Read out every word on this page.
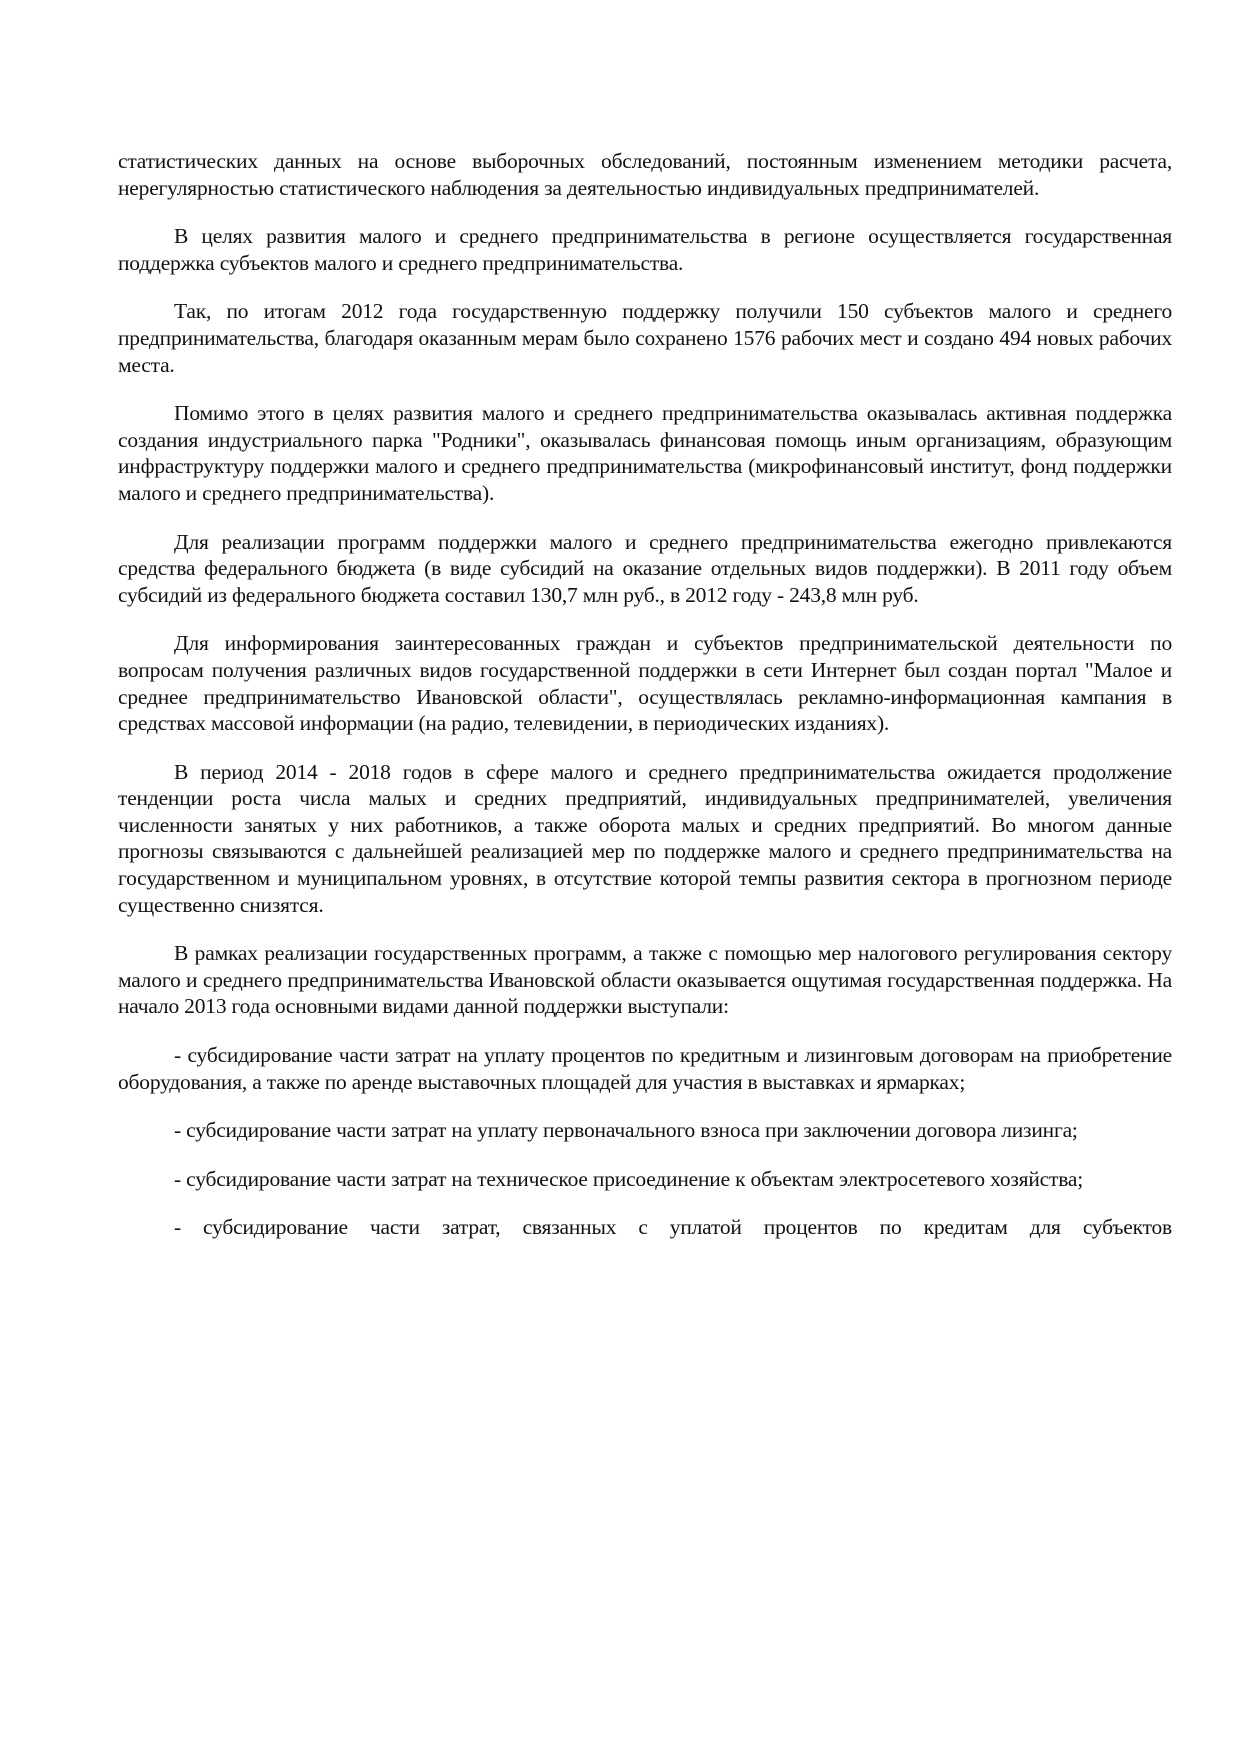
статистических данных на основе выборочных обследований, постоянным изменением методики расчета, нерегулярностью статистического наблюдения за деятельностью индивидуальных предпринимателей.

В целях развития малого и среднего предпринимательства в регионе осуществляется государственная поддержка субъектов малого и среднего предпринимательства.

Так, по итогам 2012 года государственную поддержку получили 150 субъектов малого и среднего предпринимательства, благодаря оказанным мерам было сохранено 1576 рабочих мест и создано 494 новых рабочих места.

Помимо этого в целях развития малого и среднего предпринимательства оказывалась активная поддержка создания индустриального парка "Родники", оказывалась финансовая помощь иным организациям, образующим инфраструктуру поддержки малого и среднего предпринимательства (микрофинансовый институт, фонд поддержки малого и среднего предпринимательства).

Для реализации программ поддержки малого и среднего предпринимательства ежегодно привлекаются средства федерального бюджета (в виде субсидий на оказание отдельных видов поддержки). В 2011 году объем субсидий из федерального бюджета составил 130,7 млн руб., в 2012 году - 243,8 млн руб.

Для информирования заинтересованных граждан и субъектов предпринимательской деятельности по вопросам получения различных видов государственной поддержки в сети Интернет был создан портал "Малое и среднее предпринимательство Ивановской области", осуществлялась рекламно-информационная кампания в средствах массовой информации (на радио, телевидении, в периодических изданиях).

В период 2014 - 2018 годов в сфере малого и среднего предпринимательства ожидается продолжение тенденции роста числа малых и средних предприятий, индивидуальных предпринимателей, увеличения численности занятых у них работников, а также оборота малых и средних предприятий. Во многом данные прогнозы связываются с дальнейшей реализацией мер по поддержке малого и среднего предпринимательства на государственном и муниципальном уровнях, в отсутствие которой темпы развития сектора в прогнозном периоде существенно снизятся.

В рамках реализации государственных программ, а также с помощью мер налогового регулирования сектору малого и среднего предпринимательства Ивановской области оказывается ощутимая государственная поддержка. На начало 2013 года основными видами данной поддержки выступали:

- субсидирование части затрат на уплату процентов по кредитным и лизинговым договорам на приобретение оборудования, а также по аренде выставочных площадей для участия в выставках и ярмарках;

- субсидирование части затрат на уплату первоначального взноса при заключении договора лизинга;

- субсидирование части затрат на техническое присоединение к объектам электросетевого хозяйства;

- субсидирование части затрат, связанных с уплатой процентов по кредитам для субъектов
